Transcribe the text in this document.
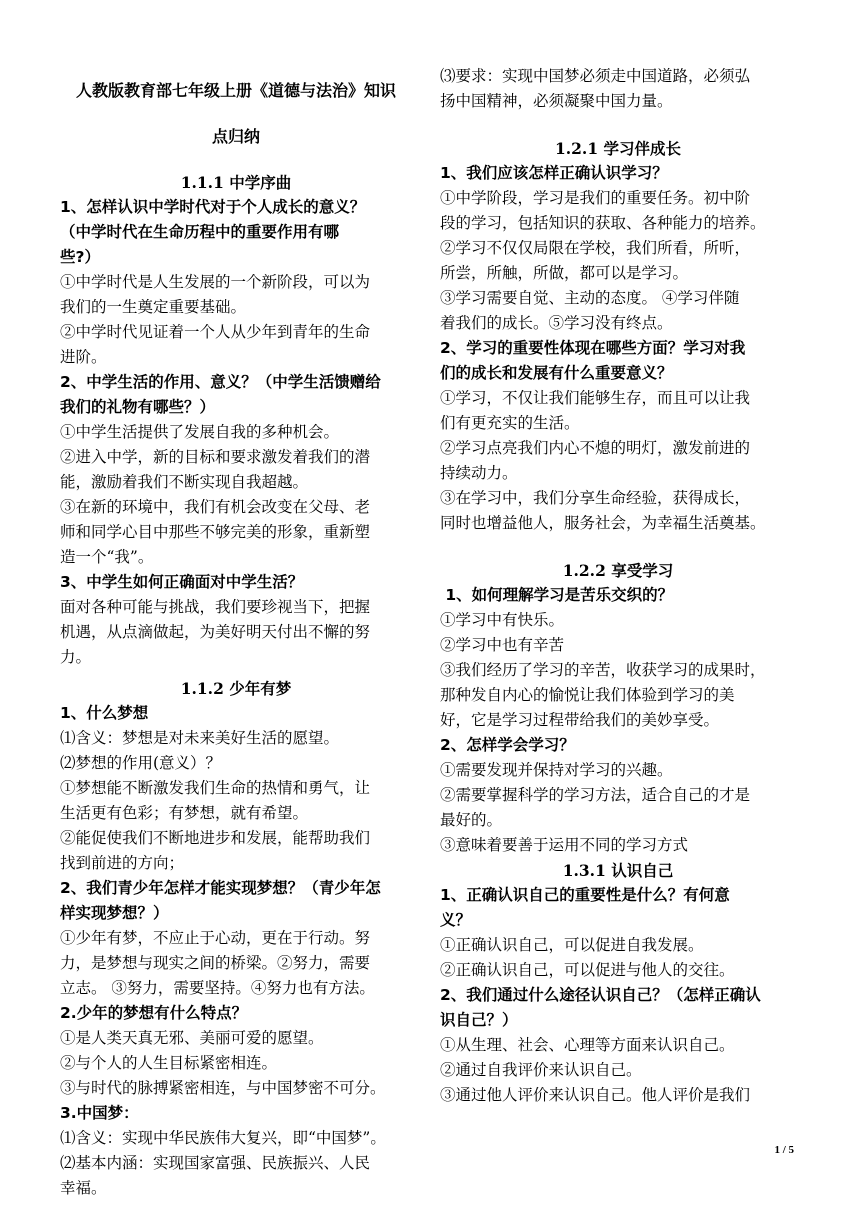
人教版教育部七年级上册《道德与法治》知识

点归纳

1.1.1 中学序曲

1、怎样认识中学时代对于个人成长的意义？

（中学时代在生命历程中的重要作用有哪

些?）

①中学时代是人生发展的一个新阶段，可以为

我们的一生奠定重要基础。

②中学时代见证着一个人从少年到青年的生命

进阶。

2、中学生活的作用、意义？（中学生活馈赠给

我们的礼物有哪些？）

①中学生活提供了发展自我的多种机会。

②进入中学，新的目标和要求激发着我们的潜

能，激励着我们不断实现自我超越。

③在新的环境中，我们有机会改变在父母、老

师和同学心目中那些不够完美的形象，重新塑

造一个“我”。

3、中学生如何正确面对中学生活？

面对各种可能与挑战，我们要珍视当下，把握

机遇，从点滴做起，为美好明天付出不懈的努

力。

1.1.2 少年有梦

1、什么梦想

⑴含义：梦想是对未来美好生活的愿望。

⑵梦想的作用(意义）？

①梦想能不断激发我们生命的热情和勇气，让

生活更有色彩；有梦想，就有希望。

②能促使我们不断地进步和发展，能帮助我们

找到前进的方向；

2、我们青少年怎样才能实现梦想？（青少年怎

样实现梦想？）

①少年有梦，不应止于心动，更在于行动。努

力，是梦想与现实之间的桥梁。②努力，需要

立志。 ③努力，需要坚持。④努力也有方法。

2.少年的梦想有什么特点？

①是人类天真无邪、美丽可爱的愿望。

②与个人的人生目标紧密相连。

③与时代的脉搏紧密相连，与中国梦密不可分。

3.中国梦：

⑴含义：实现中华民族伟大复兴，即“中国梦”。

⑵基本内涵：实现国家富强、民族振兴、人民

幸福。

⑶要求：实现中国梦必须走中国道路，必须弘

扬中国精神，必须凝聚中国力量。

1.2.1 学习伴成长

1、我们应该怎样正确认识学习？

①中学阶段，学习是我们的重要任务。初中阶

段的学习，包括知识的获取、各种能力的培养。

②学习不仅仅局限在学校，我们所看，所听，

所尝，所触，所做，都可以是学习。

③学习需要自觉、主动的态度。 ④学习伴随

着我们的成长。⑤学习没有终点。

2、学习的重要性体现在哪些方面？学习对我

们的成长和发展有什么重要意义？

①学习，不仅让我们能够生存，而且可以让我

们有更充实的生活。

②学习点亮我们内心不熄的明灯，激发前进的

持续动力。

③在学习中，我们分享生命经验，获得成长，

同时也增益他人，服务社会，为幸福生活奠基。

1.2.2 享受学习

1、如何理解学习是苦乐交织的？

①学习中有快乐。

②学习中也有辛苦

③我们经历了学习的辛苦，收获学习的成果时，

那种发自内心的愉悦让我们体验到学习的美

好，它是学习过程带给我们的美妙享受。

2、怎样学会学习？

①需要发现并保持对学习的兴趣。

②需要掌握科学的学习方法，适合自己的才是

最好的。

③意味着要善于运用不同的学习方式

1.3.1 认识自己

1、正确认识自己的重要性是什么？有何意

义？

①正确认识自己，可以促进自我发展。

②正确认识自己，可以促进与他人的交往。

2、我们通过什么途径认识自己？（怎样正确认

识自己？）

①从生理、社会、心理等方面来认识自己。

②通过自我评价来认识自己。

③通过他人评价来认识自己。他人评价是我们

1 / 5
